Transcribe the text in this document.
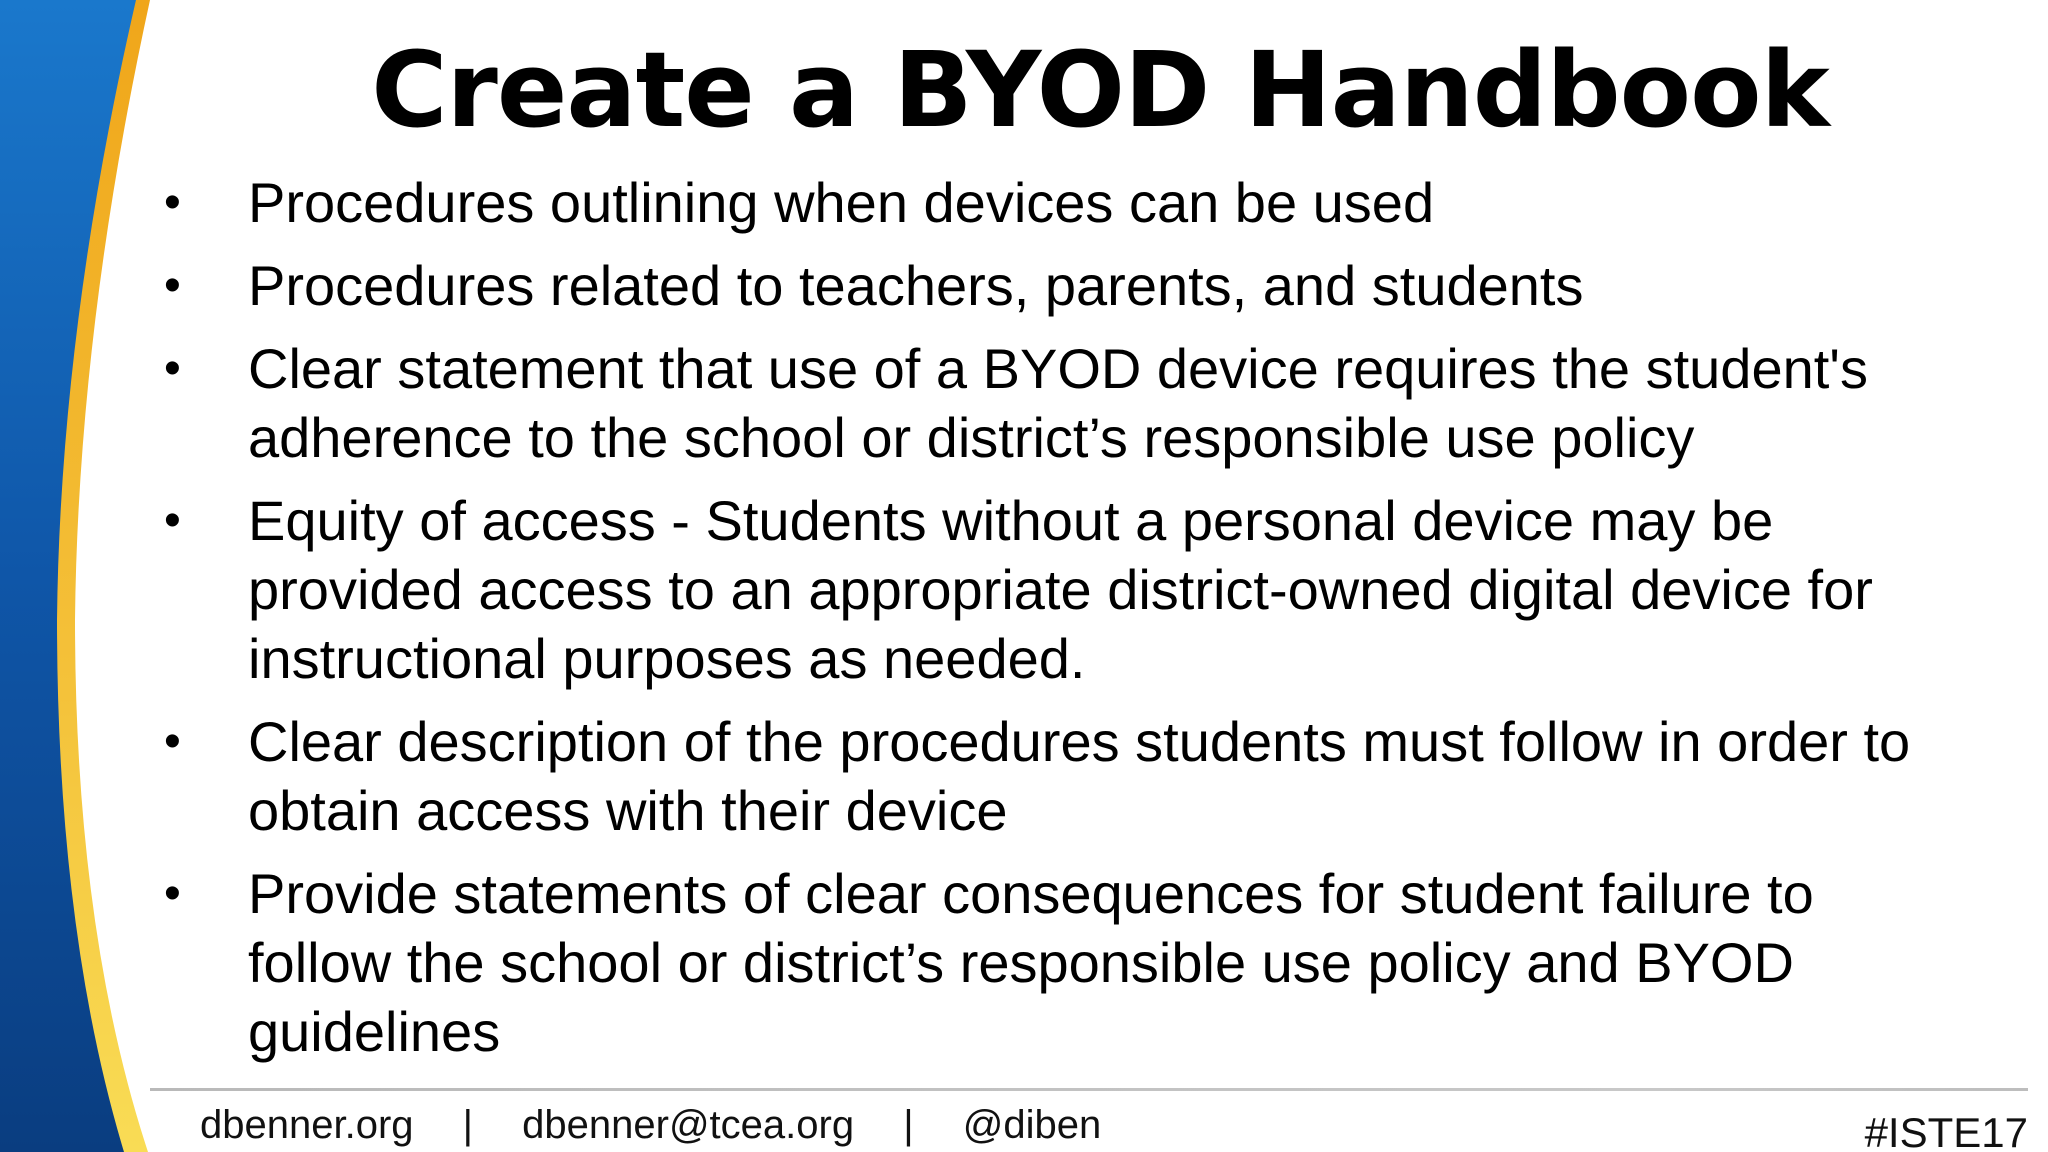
Create a BYOD Handbook
• Procedures outlining when devices can be used
• Procedures related to teachers, parents, and students
• Clear statement that use of a BYOD device requires the student's
adherence to the school or district’s responsible use policy
• Equity of access - Students without a personal device may be
provided access to an appropriate district-owned digital device for
instructional purposes as needed.
• Clear description of the procedures students must follow in order to
obtain access with their device
• Provide statements of clear consequences for student failure to
follow the school or district’s responsible use policy and BYOD
guidelines
dbenner.org | dbenner@tcea.org | @diben	#ISTE17
